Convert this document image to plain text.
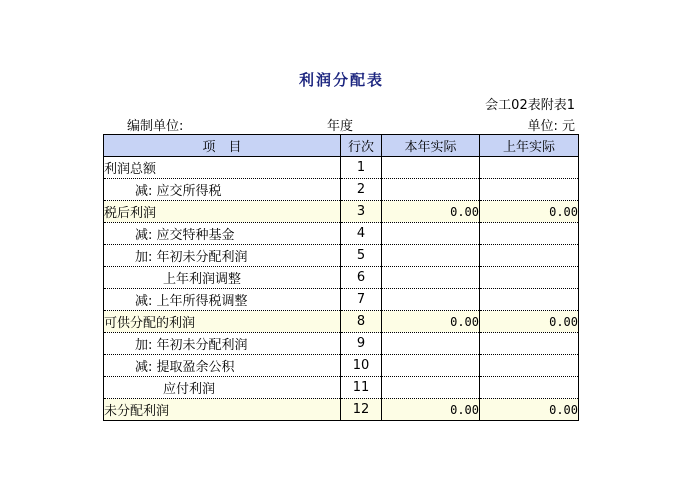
利润分配表
会工02表附表1
编制单位:	年度	单位: 元
项　目	行次	本年实际	上年实际
利润总额	1		
减: 应交所得税	2		
税后利润	3	0.00	0.00
减: 应交特种基金	4		
加: 年初未分配利润	5		
上年利润调整	6		
减: 上年所得税调整	7		
可供分配的利润	8	0.00	0.00
加: 年初未分配利润	9		
减: 提取盈余公积	10		
应付利润	11		
未分配利润	12	0.00	0.00
